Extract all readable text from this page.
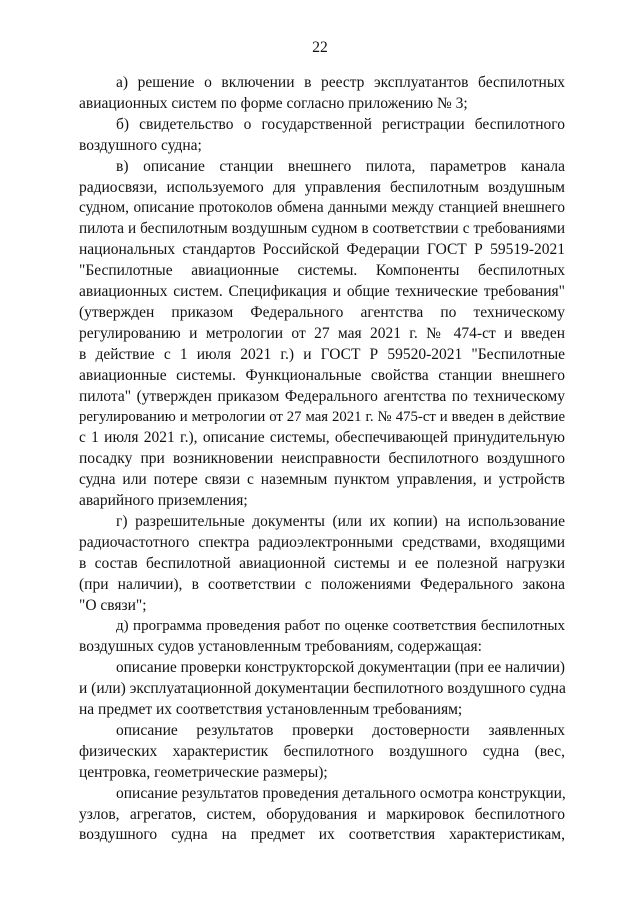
22
а) решение о включении в реестр эксплуатантов беспилотных
авиационных систем по форме согласно приложению № 3;
б) свидетельство о государственной регистрации беспилотного
воздушного судна;
в) описание станции внешнего пилота, параметров канала
радиосвязи, используемого для управления беспилотным воздушным
судном, описание протоколов обмена данными между станцией внешнего
пилота и беспилотным воздушным судном в соответствии с требованиями
национальных стандартов Российской Федерации ГОСТ Р 59519-2021
"Беспилотные авиационные системы. Компоненты беспилотных
авиационных систем. Спецификация и общие технические требования"
(утвержден приказом Федерального агентства по техническому
регулированию и метрологии от 27 мая 2021 г. № 474-ст и введен
в действие с 1 июля 2021 г.) и ГОСТ Р 59520-2021 "Беспилотные
авиационные системы. Функциональные свойства станции внешнего
пилота" (утвержден приказом Федерального агентства по техническому
регулированию и метрологии от 27 мая 2021 г. № 475-ст и введен в действие
с 1 июля 2021 г.), описание системы, обеспечивающей принудительную
посадку при возникновении неисправности беспилотного воздушного
судна или потере связи с наземным пунктом управления, и устройств
аварийного приземления;
г) разрешительные документы (или их копии) на использование
радиочастотного спектра радиоэлектронными средствами, входящими
в состав беспилотной авиационной системы и ее полезной нагрузки
(при наличии), в соответствии с положениями Федерального закона
"О связи";
д) программа проведения работ по оценке соответствия беспилотных
воздушных судов установленным требованиям, содержащая:
описание проверки конструкторской документации (при ее наличии)
и (или) эксплуатационной документации беспилотного воздушного судна
на предмет их соответствия установленным требованиям;
описание результатов проверки достоверности заявленных
физических характеристик беспилотного воздушного судна (вес,
центровка, геометрические размеры);
описание результатов проведения детального осмотра конструкции,
узлов, агрегатов, систем, оборудования и маркировок беспилотного
воздушного судна на предмет их соответствия характеристикам,
